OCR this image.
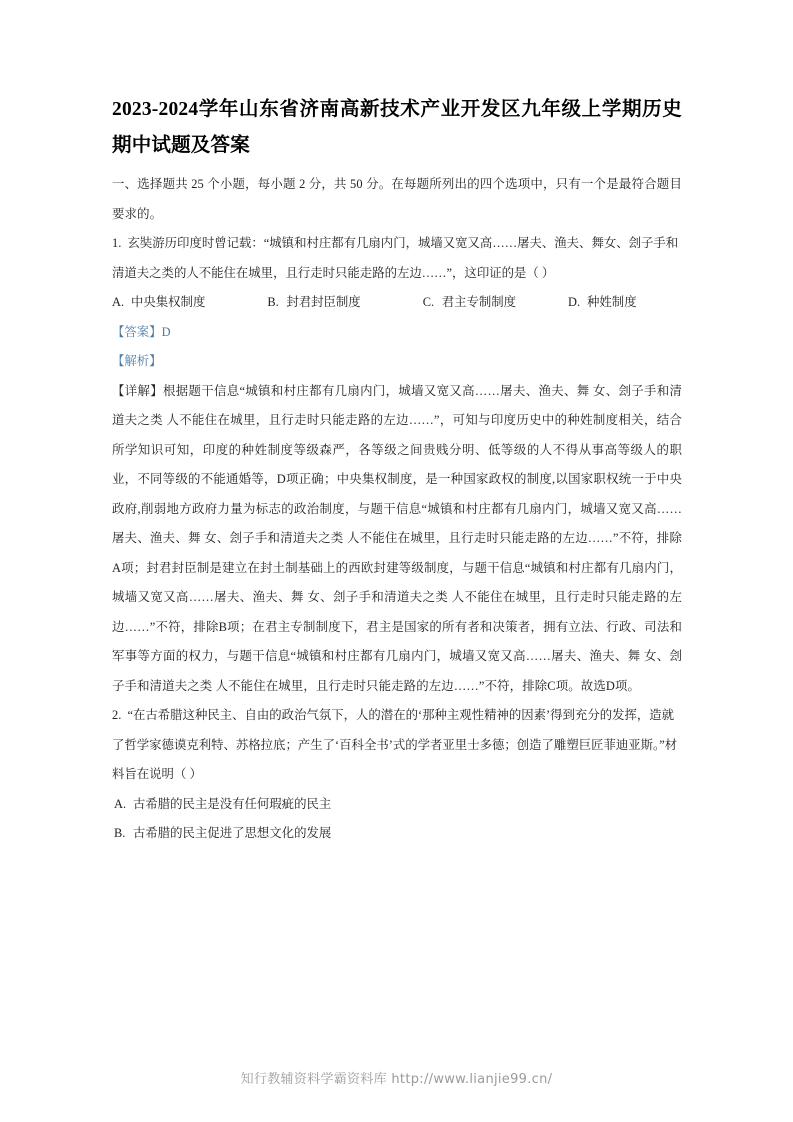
2023-2024学年山东省济南高新技术产业开发区九年级上学期历史期中试题及答案

一、选择题共 25 个小题，每小题 2 分，共 50 分。在每题所列出的四个选项中，只有一个是最符合题目要求的。

1. 玄奘游历印度时曾记载：“城镇和村庄都有几扇内门，城墙又宽又高……屠夫、渔夫、舞女、刽子手和清道夫之类的人不能住在城里，且行走时只能走路的左边……”，这印证的是（ ）

A. 中央集权制度	B. 封君封臣制度	C. 君主专制制度	D. 种姓制度

【答案】D

【解析】

【详解】根据题干信息“城镇和村庄都有几扇内门，城墙又宽又高……屠夫、渔夫、舞 女、刽子手和清道夫之类 人不能住在城里，且行走时只能走路的左边……”，可知与印度历史中的种姓制度相关，结合所学知识可知，印度的种姓制度等级森严，各等级之间贵贱分明、低等级的人不得从事高等级人的职业，不同等级的不能通婚等，D项正确；中央集权制度，是一种国家政权的制度,以国家职权统一于中央政府,削弱地方政府力量为标志的政治制度，与题干信息“城镇和村庄都有几扇内门，城墙又宽又高……屠夫、渔夫、舞 女、刽子手和清道夫之类 人不能住在城里，且行走时只能走路的左边……”不符，排除A项；封君封臣制是建立在封土制基础上的西欧封建等级制度，与题干信息“城镇和村庄都有几扇内门，城墙又宽又高……屠夫、渔夫、舞 女、刽子手和清道夫之类 人不能住在城里，且行走时只能走路的左边……”不符，排除B项；在君主专制制度下，君主是国家的所有者和决策者，拥有立法、行政、司法和军事等方面的权力，与题干信息“城镇和村庄都有几扇内门，城墙又宽又高……屠夫、渔夫、舞 女、刽子手和清道夫之类 人不能住在城里，且行走时只能走路的左边……”不符，排除C项。故选D项。

2. “在古希腊这种民主、自由的政治气氛下，人的潜在的‘那种主观性精神的因素’得到充分的发挥，造就了哲学家德谟克利特、苏格拉底；产生了‘百科全书’式的学者亚里士多德；创造了雕塑巨匠菲迪亚斯。”材料旨在说明（ ）

A. 古希腊的民主是没有任何瑕疵的民主

B. 古希腊的民主促进了思想文化的发展

知行教辅资料学霸资料库 http://www.lianjie99.cn/
